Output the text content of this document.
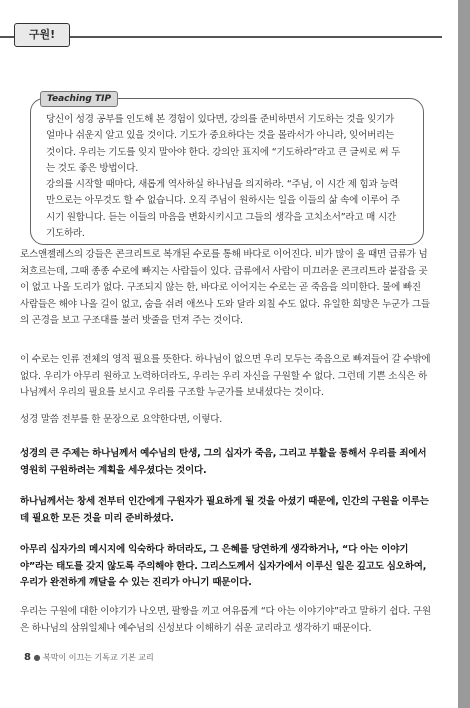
구원!
Teaching TIP
당신이 성경 공부를 인도해 본 경험이 있다면, 강의를 준비하면서 기도하는 것을 잊기가
얼마나 쉬운지 알고 있을 것이다. 기도가 중요하다는 것을 몰라서가 아니라, 잊어버리는
것이다. 우리는 기도를 잊지 말아야 한다. 강의안 표지에 “기도하라”라고 큰 글씨로 써 두
는 것도 좋은 방법이다.
강의를 시작할 때마다, 새롭게 역사하실 하나님을 의지하라. “주님, 이 시간 제 힘과 능력
만으로는 아무것도 할 수 없습니다. 오직 주님이 원하시는 일을 이들의 삶 속에 이루어 주
시기 원합니다. 듣는 이들의 마음을 변화시키시고 그들의 생각을 고치소서”라고 매 시간
기도하라.
로스앤젤레스의 강들은 콘크리트로 복개된 수로를 통해 바다로 이어진다. 비가 많이 올 때면 급류가 넘쳐흐르는데, 그때 종종 수로에 빠지는 사람들이 있다. 급류에서 사람이 미끄러운 콘크리트라 붙잡을 곳이 없고 나올 도리가 없다. 구조되지 않는 한, 바다로 이어지는 수로는 곧 죽음을 의미한다. 물에 빠진 사람들은 해야 나올 길이 없고, 숨을 쉬려 애쓰나 도와 달라 외칠 수도 없다. 유일한 희망은 누군가 그들의 곤경을 보고 구조대를 불러 밧줄을 던져 주는 것이다.
이 수로는 인류 전체의 영적 필요를 뜻한다. 하나님이 없으면 우리 모두는 죽음으로 빠져들어 갈 수밖에 없다. 우리가 아무리 원하고 노력하더라도, 우리는 우리 자신을 구원할 수 없다. 그런데 기쁜 소식은 하나님께서 우리의 필요를 보시고 우리를 구조할 누군가를 보내셨다는 것이다.
성경 말씀 전부를 한 문장으로 요약한다면, 이렇다.
성경의 큰 주제는 하나님께서 예수님의 탄생, 그의 십자가 죽음, 그리고 부활을 통해서 우리를 죄에서 영원히 구원하려는 계획을 세우셨다는 것이다.
하나님께서는 창세 전부터 인간에게 구원자가 필요하게 될 것을 아셨기 때문에, 인간의 구원을 이루는 데 필요한 모든 것을 미리 준비하셨다.
아무리 십자가의 메시지에 익숙하다 하더라도, 그 은혜를 당연하게 생각하거나, “다 아는 이야기야”라는 태도를 갖지 않도록 주의해야 한다. 그리스도께서 십자가에서 이루신 일은 깊고도 심오하여, 우리가 완전하게 깨달을 수 있는 진리가 아니기 때문이다.
우리는 구원에 대한 이야기가 나오면, 팔짱을 끼고 여유롭게 “다 아는 이야기야”라고 말하기 쉽다. 구원은 하나님의 삼위일체나 예수님의 신성보다 이해하기 쉬운 교리라고 생각하기 때문이다.
8 ● 복막이 이끄는 기독교 기본 교리
